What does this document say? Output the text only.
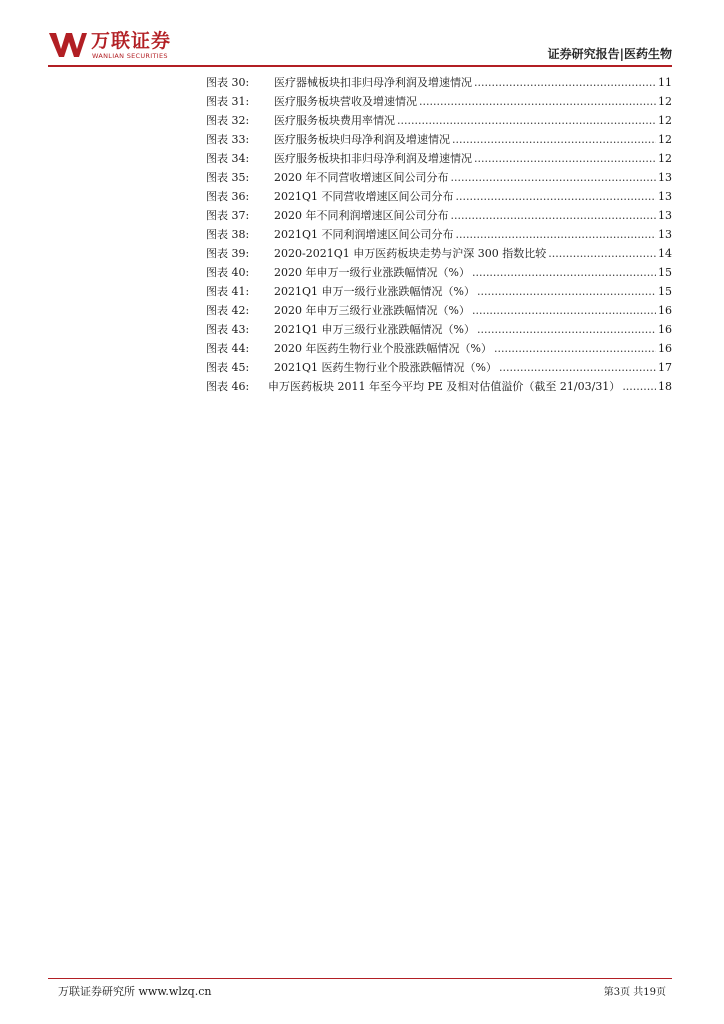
万联证券
WANLIAN SECURITIES	证券研究报告|医药生物
图表 30:	医疗器械板块扣非归母净利润及增速情况 .....	11
图表 31:	医疗服务板块营收及增速情况 .....	12
图表 32:	医疗服务板块费用率情况 .....	12
图表 33:	医疗服务板块归母净利润及增速情况 .....	12
图表 34:	医疗服务板块扣非归母净利润及增速情况 .....	12
图表 35:	2020 年不同营收增速区间公司分布 .....	13
图表 36:	2021Q1 不同营收增速区间公司分布 .....	13
图表 37:	2020 年不同利润增速区间公司分布 .....	13
图表 38:	2021Q1 不同利润增速区间公司分布 .....	13
图表 39:	2020-2021Q1 申万医药板块走势与沪深 300 指数比较 .....	14
图表 40:	2020 年申万一级行业涨跌幅情况（%） .....	15
图表 41:	2021Q1 申万一级行业涨跌幅情况（%） .....	15
图表 42:	2020 年申万三级行业涨跌幅情况（%） .....	16
图表 43:	2021Q1 申万三级行业涨跌幅情况（%） .....	16
图表 44:	2020 年医药生物行业个股涨跌幅情况（%） .....	16
图表 45:	2021Q1 医药生物行业个股涨跌幅情况（%） .....	17
图表 46:	申万医药板块 2011 年至今平均 PE 及相对估值溢价（截至 21/03/31） .....	18
万联证券研究所 www.wlzq.cn	第3页 共19页
